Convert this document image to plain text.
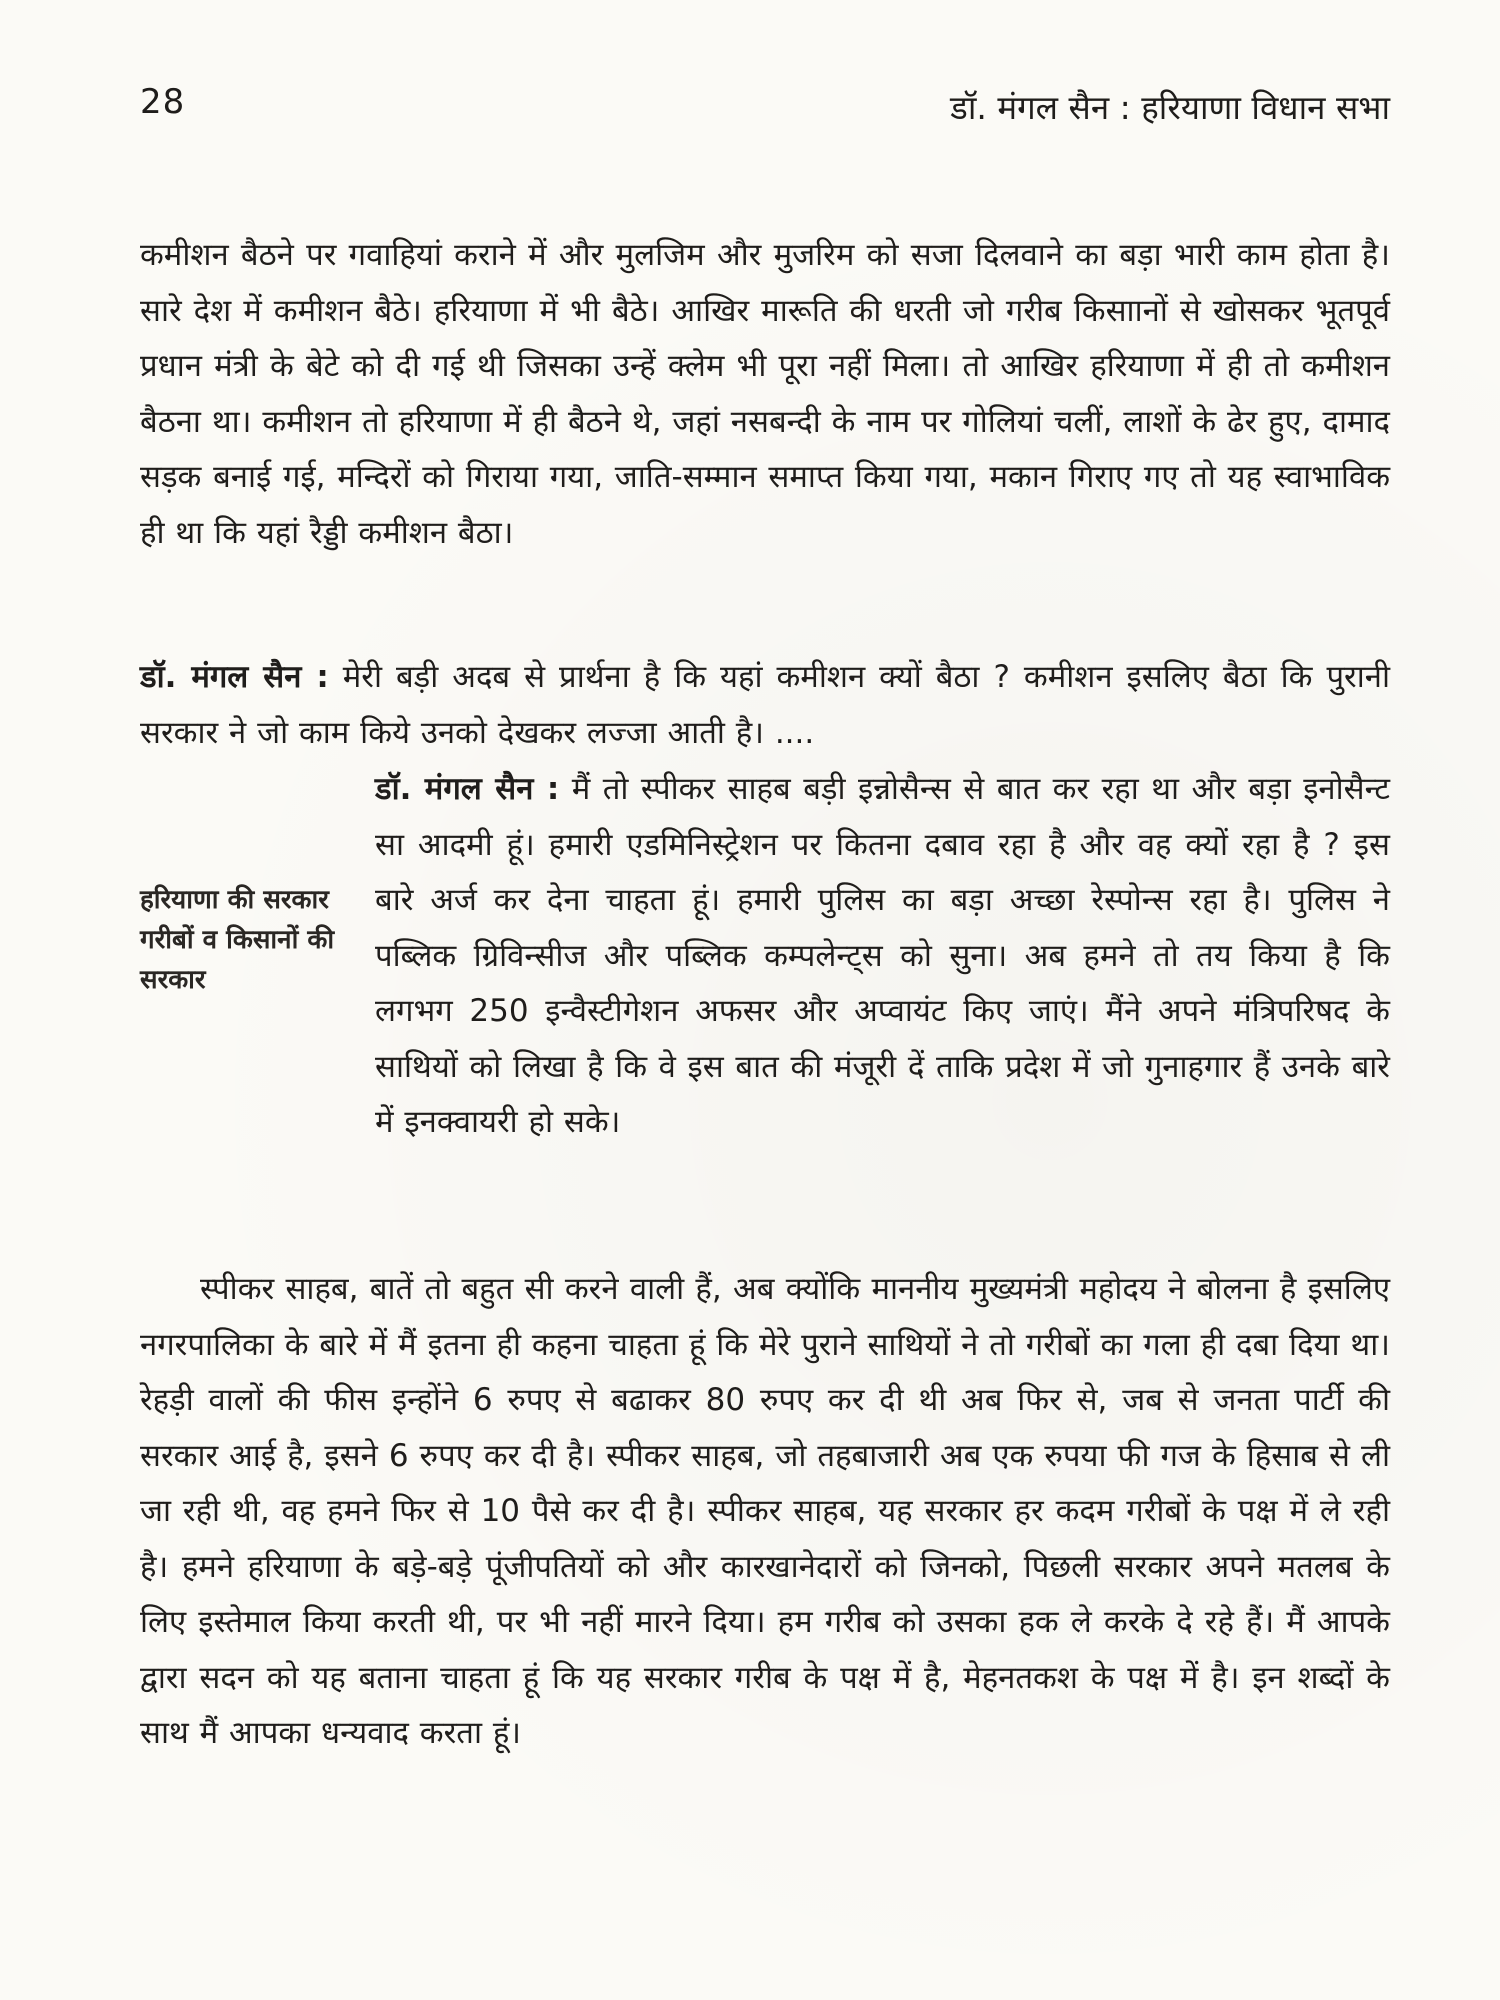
28	डॉ. मंगल सैन : हरियाणा विधान सभा

कमीशन बैठने पर गवाहियां कराने में और मुलजिम और मुजरिम को सजा दिलवाने का बड़ा भारी काम होता है। सारे देश में कमीशन बैठे। हरियाणा में भी बैठे। आखिर मारूति की धरती जो गरीब किसाानों से खोसकर भूतपूर्व प्रधान मंत्री के बेटे को दी गई थी जिसका उन्हें क्लेम भी पूरा नहीं मिला। तो आखिर हरियाणा में ही तो कमीशन बैठना था। कमीशन तो हरियाणा में ही बैठने थे, जहां नसबन्दी के नाम पर गोलियां चलीं, लाशों के ढेर हुए, दामाद सड़क बनाई गई, मन्दिरों को गिराया गया, जाति-सम्मान समाप्त किया गया, मकान गिराए गए तो यह स्वाभाविक ही था कि यहां रैड्डी कमीशन बैठा।

डॉ. मंगल सैन : मेरी बड़ी अदब से प्रार्थना है कि यहां कमीशन क्यों बैठा ? कमीशन इसलिए बैठा कि पुरानी सरकार ने जो काम किये उनको देखकर लज्जा आती है। ....

हरियाणा की सरकार गरीबों व किसानों की सरकार

डॉ. मंगल सैन : मैं तो स्पीकर साहब बड़ी इन्नोसैन्स से बात कर रहा था और बड़ा इनोसैन्ट सा आदमी हूं। हमारी एडमिनिस्ट्रेशन पर कितना दबाव रहा है और वह क्यों रहा है ? इस बारे अर्ज कर देना चाहता हूं। हमारी पुलिस का बड़ा अच्छा रेस्पोन्स रहा है। पुलिस ने पब्लिक ग्रिविन्सीज और पब्लिक कम्पलेन्ट्स को सुना। अब हमने तो तय किया है कि लगभग 250 इन्वैस्टीगेशन अफसर और अप्वायंट किए जाएं। मैंने अपने मंत्रिपरिषद के साथियों को लिखा है कि वे इस बात की मंजूरी दें ताकि प्रदेश में जो गुनाहगार हैं उनके बारे में इनक्वायरी हो सके।

स्पीकर साहब, बातें तो बहुत सी करने वाली हैं, अब क्योंकि माननीय मुख्यमंत्री महोदय ने बोलना है इसलिए नगरपालिका के बारे में मैं इतना ही कहना चाहता हूं कि मेरे पुराने साथियों ने तो गरीबों का गला ही दबा दिया था। रेहड़ी वालों की फीस इन्होंने 6 रुपए से बढाकर 80 रुपए कर दी थी अब फिर से, जब से जनता पार्टी की सरकार आई है, इसने 6 रुपए कर दी है। स्पीकर साहब, जो तहबाजारी अब एक रुपया फी गज के हिसाब से ली जा रही थी, वह हमने फिर से 10 पैसे कर दी है। स्पीकर साहब, यह सरकार हर कदम गरीबों के पक्ष में ले रही है। हमने हरियाणा के बड़े-बड़े पूंजीपतियों को और कारखानेदारों को जिनको, पिछली सरकार अपने मतलब के लिए इस्तेमाल किया करती थी, पर भी नहीं मारने दिया। हम गरीब को उसका हक ले करके दे रहे हैं। मैं आपके द्वारा सदन को यह बताना चाहता हूं कि यह सरकार गरीब के पक्ष में है, मेहनतकश के पक्ष में है। इन शब्दों के साथ मैं आपका धन्यवाद करता हूं।
